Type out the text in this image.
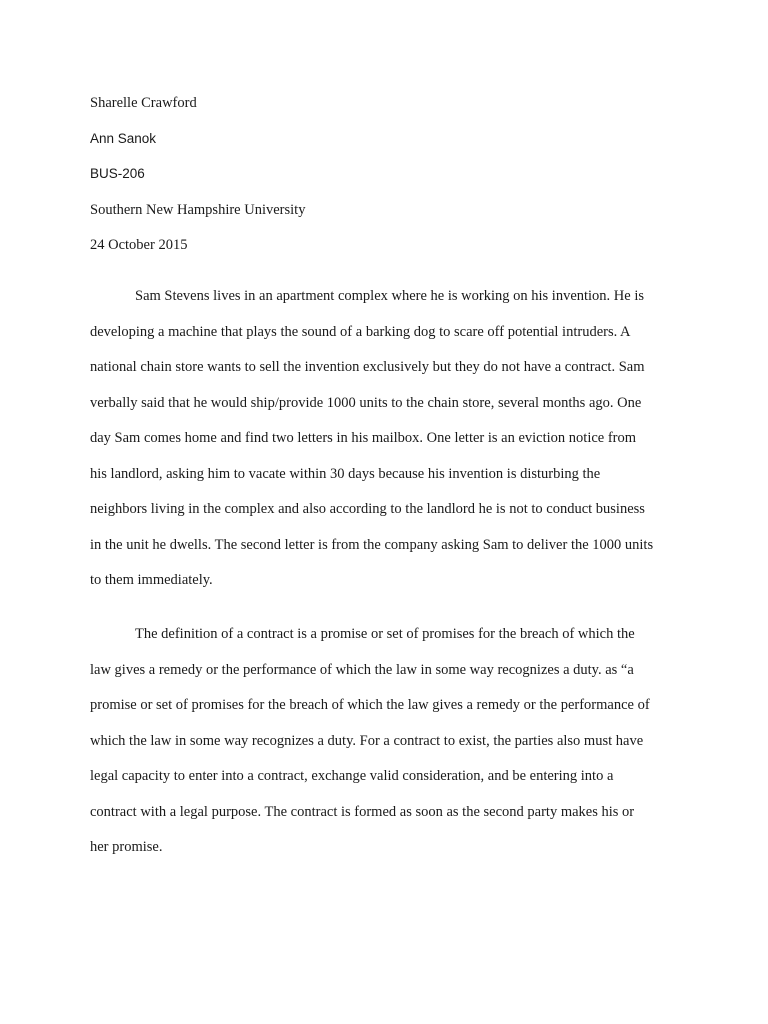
Sharelle Crawford
Ann Sanok
BUS-206
Southern New Hampshire University
24 October 2015
Sam Stevens lives in an apartment complex where he is working on his invention. He is
developing a machine that plays the sound of a barking dog to scare off potential intruders. A
national chain store wants to sell the invention exclusively but they do not have a contract. Sam
verbally said that he would ship/provide 1000 units to the chain store, several months ago. One
day Sam comes home and find two letters in his mailbox. One letter is an eviction notice from
his landlord, asking him to vacate within 30 days because his invention is disturbing the
neighbors living in the complex and also according to the landlord he is not to conduct business
in the unit he dwells. The second letter is from the company asking Sam to deliver the 1000 units
to them immediately.
The definition of a contract is a promise or set of promises for the breach of which the
law gives a remedy or the performance of which the law in some way recognizes a duty. as “a
promise or set of promises for the breach of which the law gives a remedy or the performance of
which the law in some way recognizes a duty. For a contract to exist, the parties also must have
legal capacity to enter into a contract, exchange valid consideration, and be entering into a
contract with a legal purpose. The contract is formed as soon as the second party makes his or
her promise.
